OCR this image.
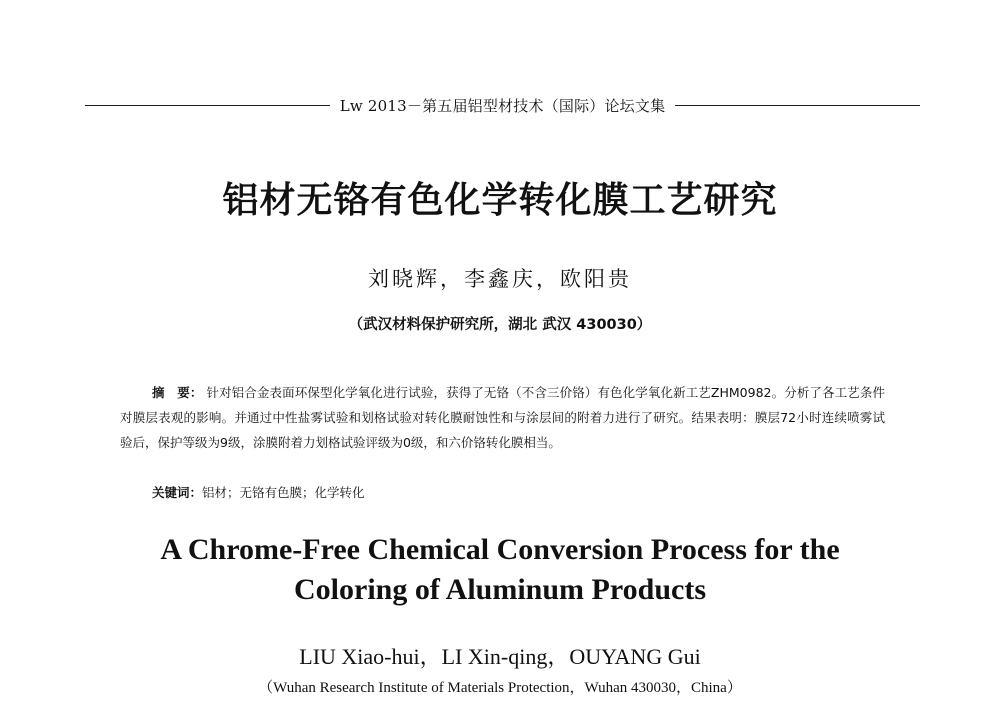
Lw 2013－第五届铝型材技术（国际）论坛文集
铝材无铬有色化学转化膜工艺研究
刘晓辉，李鑫庆，欧阳贵
（武汉材料保护研究所，湖北 武汉 430030）
摘　要： 针对铝合金表面环保型化学氧化进行试验，获得了无铬（不含三价铬）有色化学氧化新工艺ZHM0982。分析了各工艺条件对膜层表观的影响。并通过中性盐雾试验和划格试验对转化膜耐蚀性和与涂层间的附着力进行了研究。结果表明：膜层72小时连续喷雾试验后，保护等级为9级，涂膜附着力划格试验评级为0级，和六价铬转化膜相当。
关键词：铝材；无铬有色膜；化学转化
A Chrome-Free Chemical Conversion Process for the
Coloring of Aluminum Products
LIU Xiao-hui，LI Xin-qing，OUYANG Gui
（Wuhan Research Institute of Materials Protection，Wuhan 430030，China）
